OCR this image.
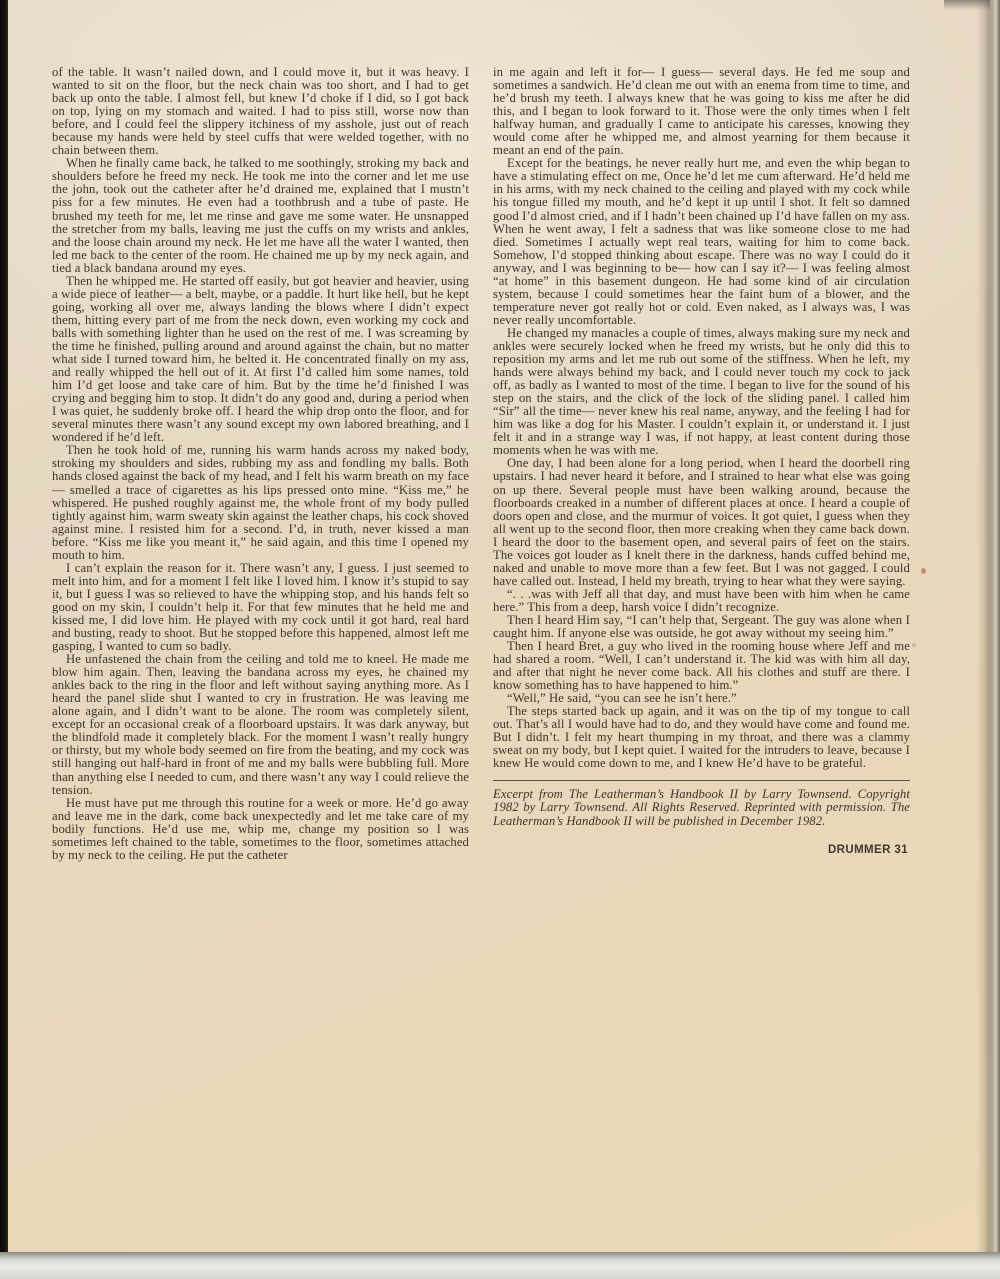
of the table. It wasn’t nailed down, and I could move it, but it was heavy. I wanted to sit on the floor, but the neck chain was too short, and I had to get back up onto the table. I almost fell, but knew I’d choke if I did, so I got back on top, lying on my stomach and waited. I had to piss still, worse now than before, and I could feel the slippery itchiness of my asshole, just out of reach because my hands were held by steel cuffs that were welded together, with no chain between them.

When he finally came back, he talked to me soothingly, stroking my back and shoulders before he freed my neck. He took me into the corner and let me use the john, took out the catheter after he’d drained me, explained that I mustn’t piss for a few minutes. He even had a toothbrush and a tube of paste. He brushed my teeth for me, let me rinse and gave me some water. He unsnapped the stretcher from my balls, leaving me just the cuffs on my wrists and ankles, and the loose chain around my neck. He let me have all the water I wanted, then led me back to the center of the room. He chained me up by my neck again, and tied a black bandana around my eyes.

Then he whipped me. He started off easily, but got heavier and heavier, using a wide piece of leather— a belt, maybe, or a paddle. It hurt like hell, but he kept going, working all over me, always landing the blows where I didn’t expect them, hitting every part of me from the neck down, even working my cock and balls with something lighter than he used on the rest of me. I was screaming by the time he finished, pulling around and around against the chain, but no matter what side I turned toward him, he belted it. He concentrated finally on my ass, and really whipped the hell out of it. At first I’d called him some names, told him I’d get loose and take care of him. But by the time he’d finished I was crying and begging him to stop. It didn’t do any good and, during a period when I was quiet, he suddenly broke off. I heard the whip drop onto the floor, and for several minutes there wasn’t any sound except my own labored breathing, and I wondered if he’d left.

Then he took hold of me, running his warm hands across my naked body, stroking my shoulders and sides, rubbing my ass and fondling my balls. Both hands closed against the back of my head, and I felt his warm breath on my face— smelled a trace of cigarettes as his lips pressed onto mine. “Kiss me,” he whispered. He pushed roughly against me, the whole front of my body pulled tightly against him, warm sweaty skin against the leather chaps, his cock shoved against mine. I resisted him for a second. I’d, in truth, never kissed a man before. “Kiss me like you meant it,” he said again, and this time I opened my mouth to him.

I can’t explain the reason for it. There wasn’t any, I guess. I just seemed to melt into him, and for a moment I felt like I loved him. I know it’s stupid to say it, but I guess I was so relieved to have the whipping stop, and his hands felt so good on my skin, I couldn’t help it. For that few minutes that he held me and kissed me, I did love him. He played with my cock until it got hard, real hard and busting, ready to shoot. But he stopped before this happened, almost left me gasping, I wanted to cum so badly.

He unfastened the chain from the ceiling and told me to kneel. He made me blow him again. Then, leaving the bandana across my eyes, he chained my ankles back to the ring in the floor and left without saying anything more. As I heard the panel slide shut I wanted to cry in frustration. He was leaving me alone again, and I didn’t want to be alone. The room was completely silent, except for an occasional creak of a floorboard upstairs. It was dark anyway, but the blindfold made it completely black. For the moment I wasn’t really hungry or thirsty, but my whole body seemed on fire from the beating, and my cock was still hanging out half-hard in front of me and my balls were bubbling full. More than anything else I needed to cum, and there wasn’t any way I could relieve the tension.

He must have put me through this routine for a week or more. He’d go away and leave me in the dark, come back unexpectedly and let me take care of my bodily functions. He’d use me, whip me, change my position so I was sometimes left chained to the table, sometimes to the floor, sometimes attached by my neck to the ceiling. He put the catheter

in me again and left it for— I guess— several days. He fed me soup and sometimes a sandwich. He’d clean me out with an enema from time to time, and he’d brush my teeth. I always knew that he was going to kiss me after he did this, and I began to look forward to it. Those were the only times when I felt halfway human, and gradually I came to anticipate his caresses, knowing they would come after he whipped me, and almost yearning for them because it meant an end of the pain.

Except for the beatings, he never really hurt me, and even the whip began to have a stimulating effect on me, Once he’d let me cum afterward. He’d held me in his arms, with my neck chained to the ceiling and played with my cock while his tongue filled my mouth, and he’d kept it up until I shot. It felt so damned good I’d almost cried, and if I hadn’t been chained up I’d have fallen on my ass. When he went away, I felt a sadness that was like someone close to me had died. Sometimes I actually wept real tears, waiting for him to come back. Somehow, I’d stopped thinking about escape. There was no way I could do it anyway, and I was beginning to be— how can I say it?— I was feeling almost “at home” in this basement dungeon. He had some kind of air circulation system, because I could sometimes hear the faint hum of a blower, and the temperature never got really hot or cold. Even naked, as I always was, I was never really uncomfortable.

He changed my manacles a couple of times, always making sure my neck and ankles were securely locked when he freed my wrists, but he only did this to reposition my arms and let me rub out some of the stiffness. When he left, my hands were always behind my back, and I could never touch my cock to jack off, as badly as I wanted to most of the time. I began to live for the sound of his step on the stairs, and the click of the lock of the sliding panel. I called him “Sir” all the time— never knew his real name, anyway, and the feeling I had for him was like a dog for his Master. I couldn’t explain it, or understand it. I just felt it and in a strange way I was, if not happy, at least content during those moments when he was with me.

One day, I had been alone for a long period, when I heard the doorbell ring upstairs. I had never heard it before, and I strained to hear what else was going on up there. Several people must have been walking around, because the floorboards creaked in a number of different places at once. I heard a couple of doors open and close, and the murmur of voices. It got quiet, I guess when they all went up to the second floor, then more creaking when they came back down. I heard the door to the basement open, and several pairs of feet on the stairs. The voices got louder as I knelt there in the darkness, hands cuffed behind me, naked and unable to move more than a few feet. But I was not gagged. I could have called out. Instead, I held my breath, trying to hear what they were saying.

“. . .was with Jeff all that day, and must have been with him when he came here.” This from a deep, harsh voice I didn’t recognize.

Then I heard Him say, “I can’t help that, Sergeant. The guy was alone when I caught him. If anyone else was outside, he got away without my seeing him.”

Then I heard Bret, a guy who lived in the rooming house where Jeff and me had shared a room. “Well, I can’t understand it. The kid was with him all day, and after that night he never come back. All his clothes and stuff are there. I know something has to have happened to him.”

“Well,” He said, “you can see he isn’t here.”

The steps started back up again, and it was on the tip of my tongue to call out. That’s all I would have had to do, and they would have come and found me. But I didn’t. I felt my heart thumping in my throat, and there was a clammy sweat on my body, but I kept quiet. I waited for the intruders to leave, because I knew He would come down to me, and I knew He’d have to be grateful.

Excerpt from The Leatherman’s Handbook II by Larry Townsend. Copyright 1982 by Larry Townsend. All Rights Reserved. Reprinted with permission. The Leatherman’s Handbook II will be published in December 1982.

DRUMMER 31
